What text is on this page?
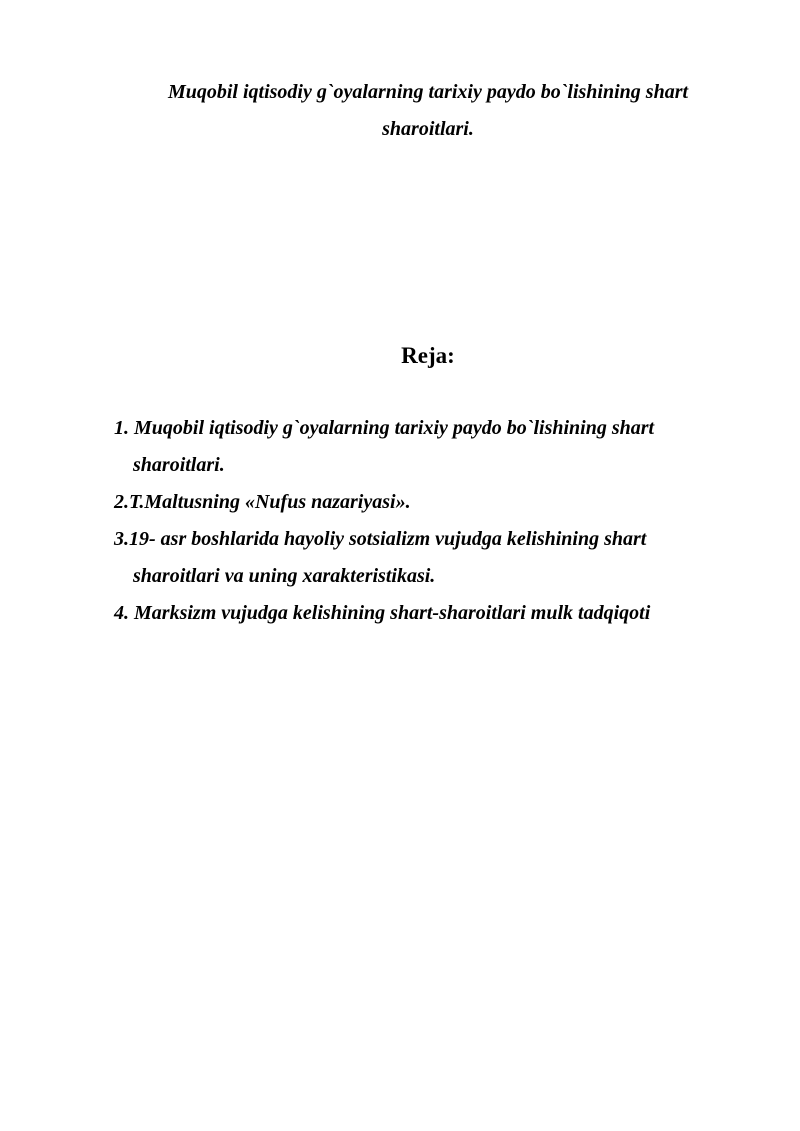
Muqobil iqtisodiy g`oyalarning tarixiy paydo bo`lishining shart sharoitlari.
Reja:
1. Muqobil iqtisodiy g`oyalarning tarixiy paydo bo`lishining shart sharoitlari.
2.T.Maltusning «Nufus nazariyasi».
3.19- asr boshlarida hayoliy sotsializm vujudga kelishining shart sharoitlari va uning xarakteristikasi.
4. Marksizm vujudga kelishining shart-sharoitlari mulk tadqiqoti
